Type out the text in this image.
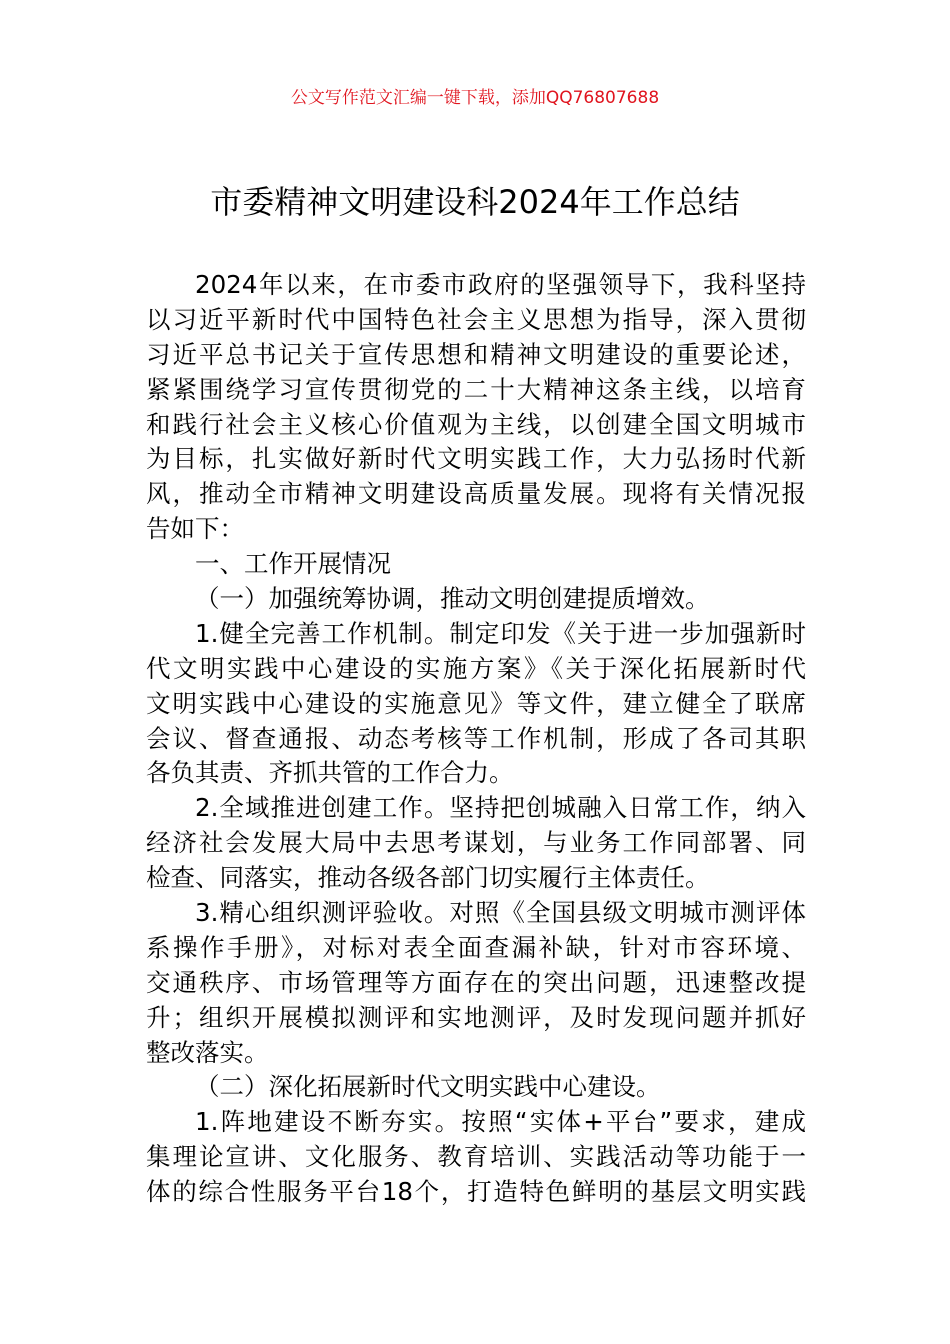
公文写作范文汇编一键下载，添加QQ76807688
市委精神文明建设科2024年工作总结
2024年以来，在市委市政府的坚强领导下，我科坚持
以习近平新时代中国特色社会主义思想为指导，深入贯彻
习近平总书记关于宣传思想和精神文明建设的重要论述，
紧紧围绕学习宣传贯彻党的二十大精神这条主线，以培育
和践行社会主义核心价值观为主线，以创建全国文明城市
为目标，扎实做好新时代文明实践工作，大力弘扬时代新
风，推动全市精神文明建设高质量发展。现将有关情况报
告如下：
一、工作开展情况
（一）加强统筹协调，推动文明创建提质增效。
1.健全完善工作机制。制定印发《关于进一步加强新时
代文明实践中心建设的实施方案》《关于深化拓展新时代
文明实践中心建设的实施意见》等文件，建立健全了联席
会议、督查通报、动态考核等工作机制，形成了各司其职
各负其责、齐抓共管的工作合力。
2.全域推进创建工作。坚持把创城融入日常工作，纳入
经济社会发展大局中去思考谋划，与业务工作同部署、同
检查、同落实，推动各级各部门切实履行主体责任。
3.精心组织测评验收。对照《全国县级文明城市测评体
系操作手册》，对标对表全面查漏补缺，针对市容环境、
交通秩序、市场管理等方面存在的突出问题，迅速整改提
升；组织开展模拟测评和实地测评，及时发现问题并抓好
整改落实。
（二）深化拓展新时代文明实践中心建设。
1.阵地建设不断夯实。按照“实体+平台”要求，建成
集理论宣讲、文化服务、教育培训、实践活动等功能于一
体的综合性服务平台18个，打造特色鲜明的基层文明实践
